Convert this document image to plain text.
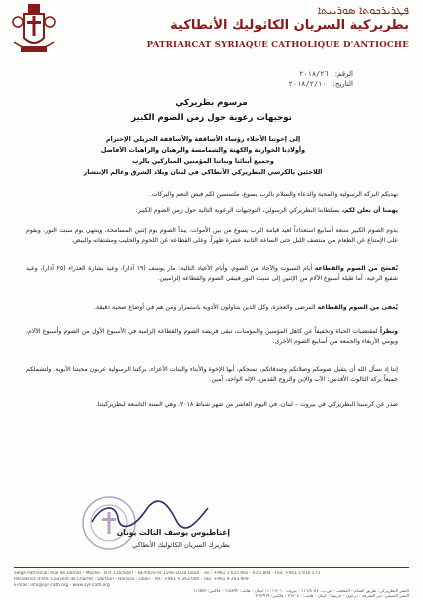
ܦܛܪܝܪܟܘܬܐ ܣܘܪܝܝܬܐ
بطريركية السريان الكاثوليك الأنطاكية
PATRIARCAT SYRIAQUE CATHOLIQUE D'ANTIOCHE
الرقم:٢٠١٨/٢٦
التاريخ:٢٠١٨/٢/١٠
مرسوم بطريركي
توجيهات رعوية حول زمن الصوم الكبير
إلى إخوتنا الأجلاء رؤساء الأساقفة والأساقفة الجزيلي الإحترام
وأولادنا الخوارنة والكهنة والشمامسة والرهبان والراهبات الأفاضل
وجميع أبنائنا وبناتنا المؤمنين المباركين بالرب
اللاجئين بالكرسي البطريركي الأنطاكي في لبنان وبلاد الشرق وعالم الإنتشار

نهديكم البركة الرسولية والمحبة والدعاء والسلام بالرب يسوع، ملتمسين لكم فيض النعم والبركات.

يهمنا أن نعلن لكم، بسلطاننا البطريركي الرسولي، التوجيهات الرعوية التالية حول زمن الصوم الكبير:

يدوم الصوم الكبير سبعة أسابيع استعداداً لعيد قيامة الرب يسوع من بين الأموات. يبدأ الصوم يوم إثنين المسامحة، وينتهي يوم سبت النور. ويقوم على الإمتناع عن الطعام من منتصف الليل حتى الساعة الثانية عشرة ظهراً، وعلى القطاعة عن اللحوم والحليب ومشتقاته والبيض.

يُفسَح من الصوم والقطاعة أيام السبوت والآحاد من الصوم، وأيام الأعياد التالية: مار يوسف (١٩ آذار)، وعيد بشارة العذراء (٢٥ آذار)، وعيد شفيع الرعية. أما طيلة أسبوع الآلام من الإثنين إلى سبت النور فيبقى الصوم والقطاعة إلزاميين.

يُعفى من الصوم والقطاعة المرضى والعجزة، وكل الذين يتناولون الأدوية باستمرار ومن هم في أوضاع صحية دقيقة.

ونظراً لمقتضيات الحياة وتخفيفاً عن كاهل المؤمنين والمؤمنات، تبقى فريضة الصوم والقطاعة إلزامية في الأسبوع الأول من الصوم وأسبوع الآلام، ويومي الأربعاء والجمعة من أسابيع الصوم الأخرى.

إننا إذ نسأل الله أن يتقبل صومكم وصلاتكم وصدقاتكم، نمنحكم، أيها الإخوة والأبناء والبنات الأعزاء، بركتنا الرسولية عربون محبتنا الأبوية. ولتشملكم جميعاً بركة الثالوث الأقدس: الآب والإبن والروح القدس، الإله الواحد، آمين.

صدر عن كرسينا البطريركي في بيروت – لبنان، في اليوم العاشر من شهر شباط ٢٠١٨، وهي السنة التاسعة لبطريركيتنا.

إغناطيوس يوسف الثالث يونان
بطريرك السريان الكاثوليك الأنطاكي
Siège Patriarcal: Rue de Damas - Musée - B.P. 116/5087 - BEYROUTH 1106-2010 Liban - Tél.: +961 1 615 892 - 615 894 - Fax: +961 1 616 573
Résidence d'été: Couvent de Charfet - DarOun - Harissa - Liban - Tél.: +961 9 263 040 - Fax: +961 9 263 969
E-mail: info@syr-cath.org - www.syr-cath.org
المقر البطريركي: طريق الشام - المتحف - ص.ب. ١١٦/٥٠٨٧ - بيروت ٢٠١٠-١١٠٦ لبنان - هاتف: ٦١٥٨٩٢ - فاكس: ٦١٦٥٧٣
المقر الصيفي: دير الشرفة - درعون - حريصا - لبنان - هاتف: ٢٦٣٠٤٠ - فاكس: ٢٦٣٩٦٩
